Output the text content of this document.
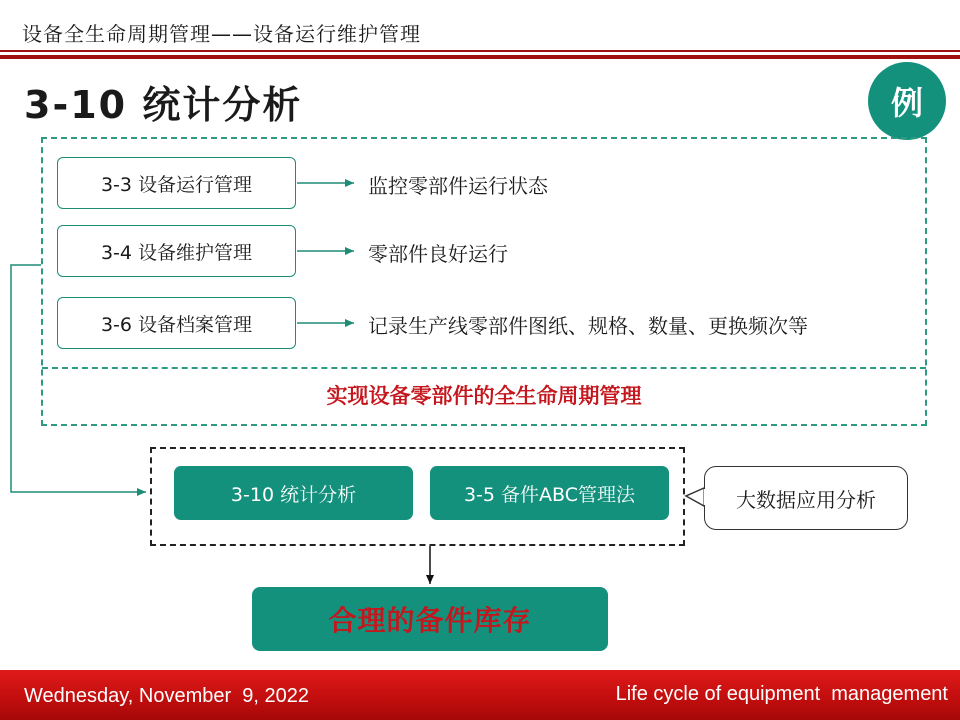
设备全生命周期管理——设备运行维护管理
3-10 统计分析	例
3-3 设备运行管理
3-4 设备维护管理
3-6 设备档案管理
监控零部件运行状态
零部件良好运行
记录生产线零部件图纸、规格、数量、更换频次等
实现设备零部件的全生命周期管理
3-10 统计分析	3-5 备件ABC管理法	大数据应用分析
合理的备件库存
Wednesday, November  9, 2022	Life cycle of equipment  management
